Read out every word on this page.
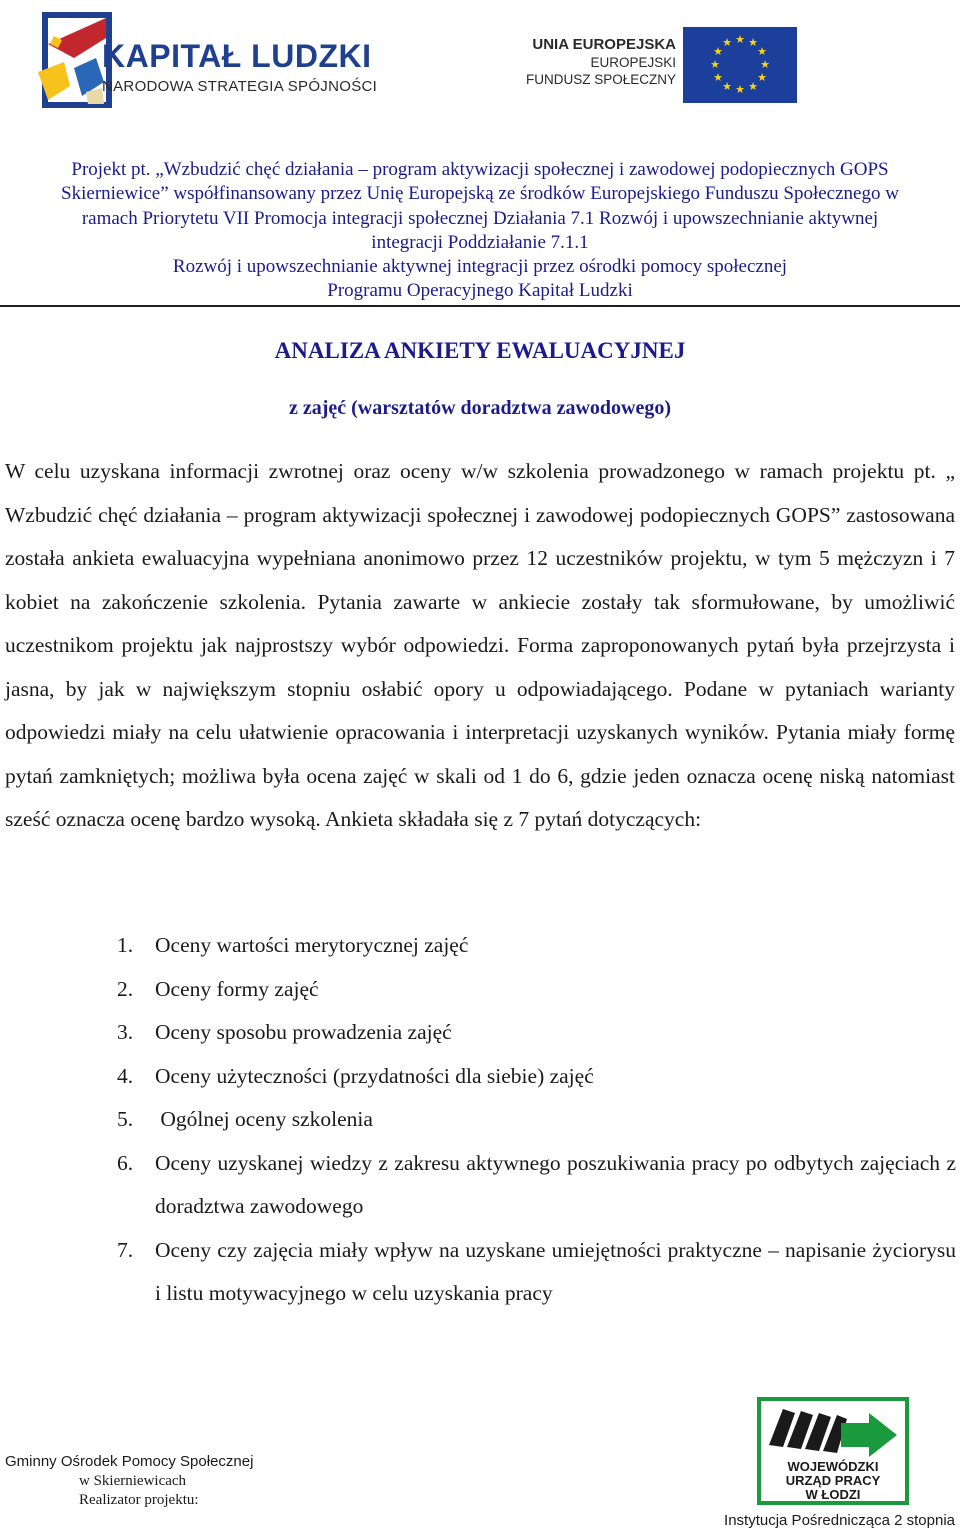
KAPITAŁ LUDZKI
NARODOWA STRATEGIA SPÓJNOŚCI
UNIA EUROPEJSKA
EUROPEJSKI
FUNDUSZ SPOŁECZNY
★ ★
★
★
★
★
★
★
★
★
★
★
Projekt pt. „Wzbudzić chęć działania – program aktywizacji społecznej i zawodowej podopiecznych GOPS
Skierniewice” współfinansowany przez Unię Europejską ze środków Europejskiego Funduszu Społecznego w
ramach Priorytetu VII Promocja integracji społecznej Działania 7.1 Rozwój i upowszechnianie aktywnej
integracji Poddziałanie 7.1.1
Rozwój i upowszechnianie aktywnej integracji przez ośrodki pomocy społecznej
Programu Operacyjnego Kapitał Ludzki
ANALIZA ANKIETY EWALUACYJNEJ
z zajęć (warsztatów doradztwa zawodowego)

W celu uzyskana informacji zwrotnej oraz oceny w/w szkolenia prowadzonego w ramach projektu pt. „ Wzbudzić chęć działania – program aktywizacji społecznej i zawodowej podopiecznych GOPS” zastosowana została ankieta ewaluacyjna wypełniana anonimowo przez 12 uczestników projektu, w tym 5 mężczyzn i 7 kobiet na zakończenie szkolenia. Pytania zawarte w ankiecie zostały tak sformułowane, by umożliwić uczestnikom projektu jak najprostszy wybór odpowiedzi. Forma zaproponowanych pytań była przejrzysta i jasna, by jak w największym stopniu osłabić opory u odpowiadającego. Podane w pytaniach warianty odpowiedzi miały na celu ułatwienie opracowania i interpretacji uzyskanych wyników. Pytania miały formę pytań zamkniętych; możliwa była ocena zajęć w skali od 1 do 6, gdzie jeden oznacza ocenę niską natomiast sześć oznacza ocenę bardzo wysoką. Ankieta składała się z 7 pytań dotyczących:

1. Oceny wartości merytorycznej zajęć
2. Oceny formy zajęć
3. Oceny sposobu prowadzenia zajęć
4. Oceny użyteczności (przydatności dla siebie) zajęć
5. Ogólnej oceny szkolenia
6. Oceny uzyskanej wiedzy z zakresu aktywnego poszukiwania pracy po odbytych zajęciach z doradztwa zawodowego
7. Oceny czy zajęcia miały wpływ na uzyskane umiejętności praktyczne – napisanie życiorysu i listu motywacyjnego w celu uzyskania pracy
Gminny Ośrodek Pomocy Społecznej
w Skierniewicach
Realizator projektu:
WOJEWÓDZKI
URZĄD PRACY
W ŁODZI
Instytucja Pośrednicząca 2 stopnia
